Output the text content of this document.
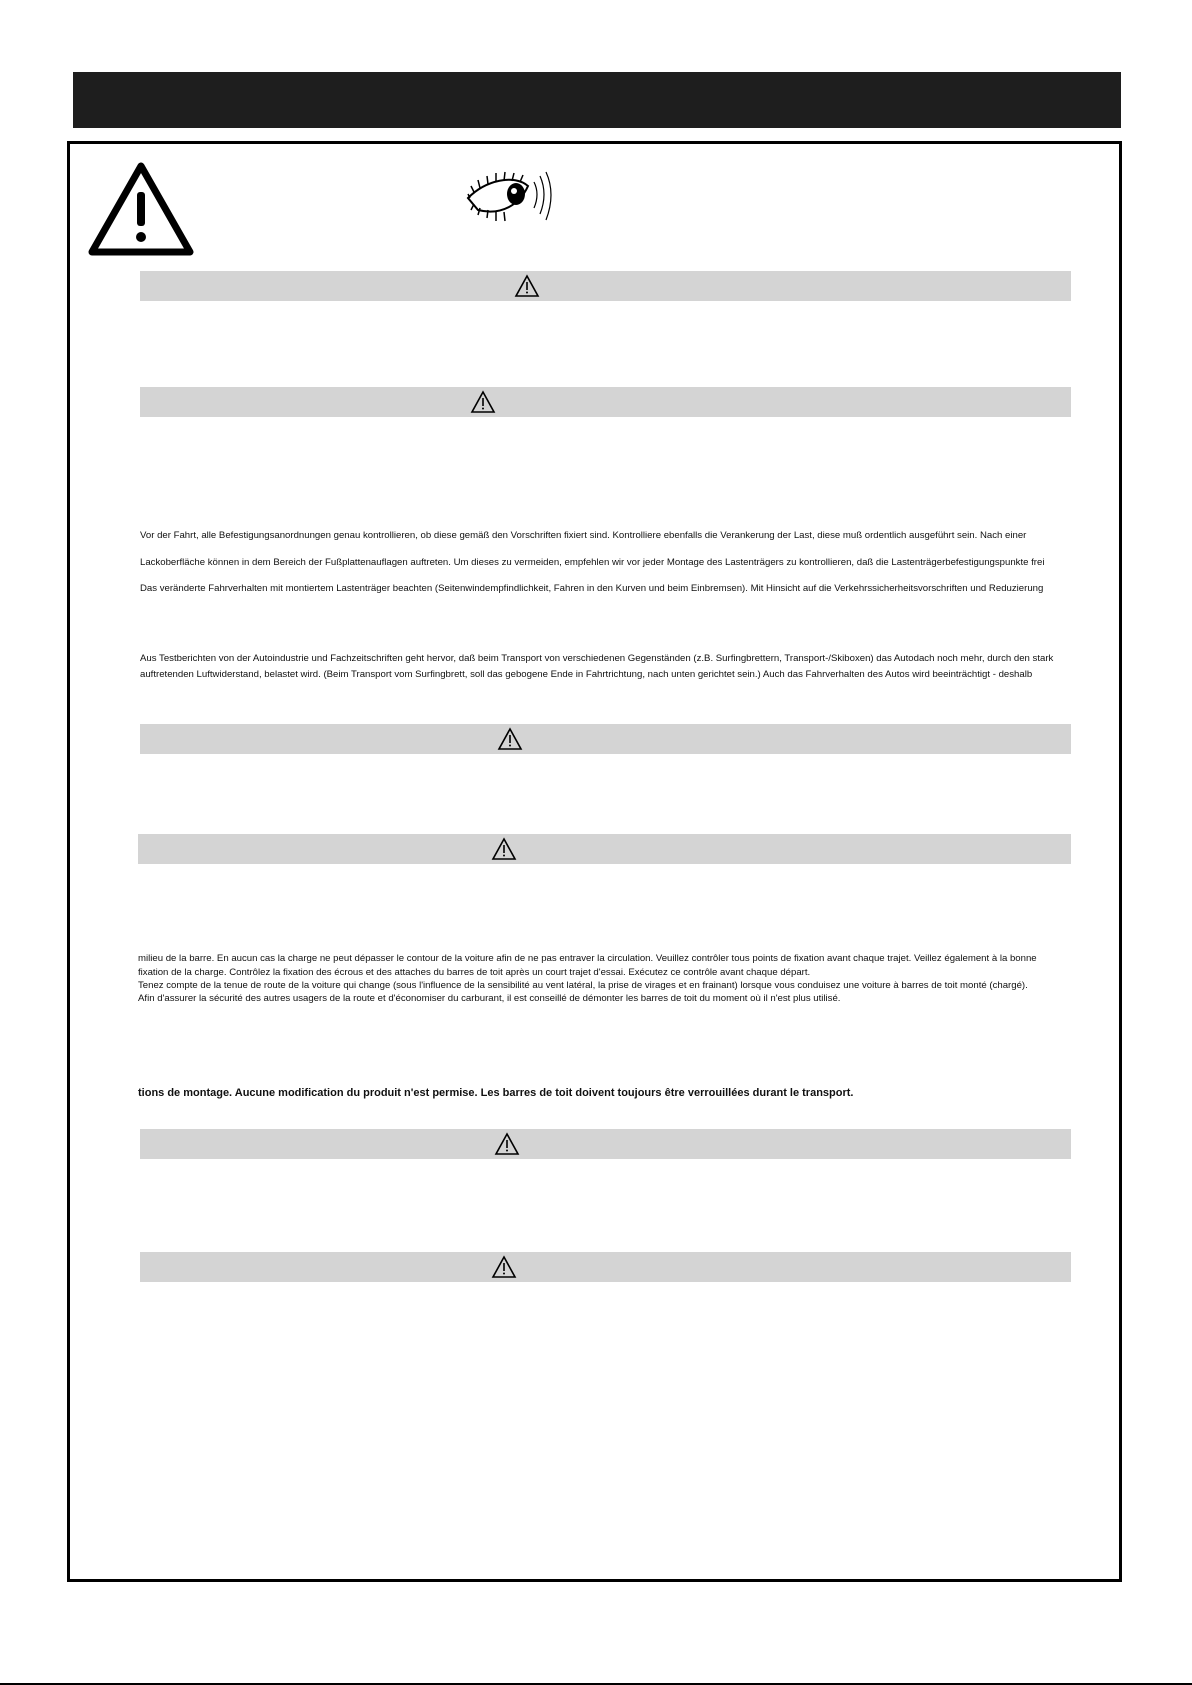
Vor der Fahrt, alle Befestigungsanordnungen genau kontrollieren, ob diese gemäß den Vorschriften fixiert sind. Kontrolliere ebenfalls die Verankerung der Last, diese muß ordentlich ausgeführt sein. Nach einer
Lackoberfläche können in dem Bereich der Fußplattenauflagen auftreten. Um dieses zu vermeiden, empfehlen wir vor jeder Montage des Lastenträgers zu kontrollieren, daß die Lastenträgerbefestigungspunkte frei
Das veränderte Fahrverhalten mit montiertem Lastenträger beachten (Seitenwindempfindlichkeit, Fahren in den Kurven und beim Einbremsen). Mit Hinsicht auf die Verkehrssicherheitsvorschriften und Reduzierung
Aus Testberichten von der Autoindustrie und Fachzeitschriften geht hervor, daß beim Transport von verschiedenen Gegenständen (z.B. Surfingbrettern, Transport-/Skiboxen) das Autodach noch mehr, durch den stark
auftretenden Luftwiderstand, belastet wird. (Beim Transport vom Surfingbrett, soll das gebogene Ende in Fahrtrichtung, nach unten gerichtet sein.) Auch das Fahrverhalten des Autos wird beeinträchtigt - deshalb
milieu de la barre. En aucun cas la charge ne peut dépasser le contour de la voiture afin de ne pas entraver la circulation. Veuillez contrôler tous points de fixation avant chaque trajet. Veillez également à la bonne
fixation de la charge. Contrôlez la fixation des écrous et des attaches du barres de toit après un court trajet d'essai. Exécutez ce contrôle avant chaque départ.
Tenez compte de la tenue de route de la voiture qui change (sous l'influence de la sensibilité au vent latéral, la prise de virages et en frainant) lorsque vous conduisez une voiture à barres de toit monté (chargé).
Afin d'assurer la sécurité des autres usagers de la route et d'économiser du carburant, il est conseillé de démonter les barres de toit du moment où il n'est plus utilisé.
tions de montage. Aucune modification du produit n'est permise. Les barres de toit doivent toujours être verrouillées durant le transport.
